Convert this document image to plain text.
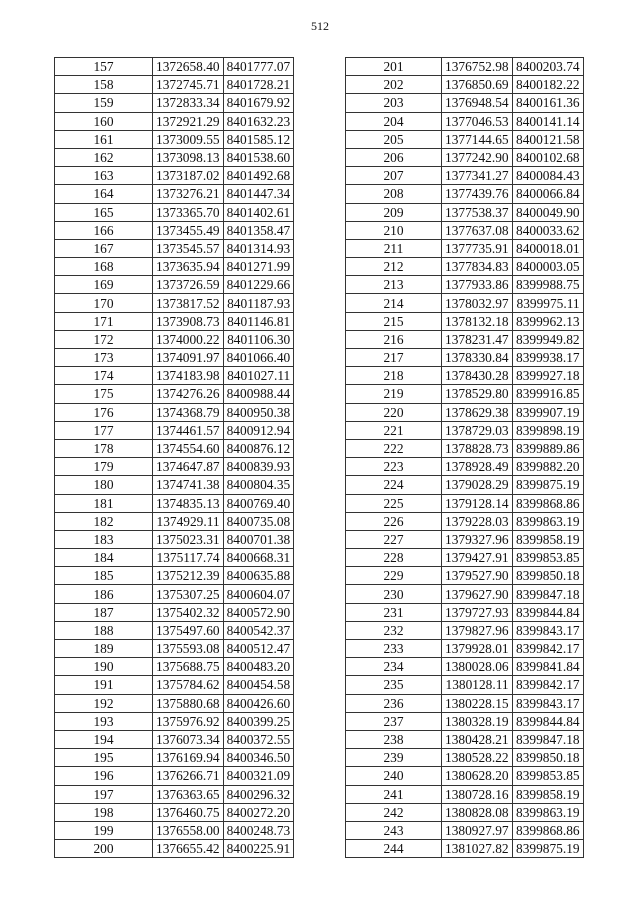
512
157	1372658.40	8401777.07
158	1372745.71	8401728.21
159	1372833.34	8401679.92
160	1372921.29	8401632.23
161	1373009.55	8401585.12
162	1373098.13	8401538.60
163	1373187.02	8401492.68
164	1373276.21	8401447.34
165	1373365.70	8401402.61
166	1373455.49	8401358.47
167	1373545.57	8401314.93
168	1373635.94	8401271.99
169	1373726.59	8401229.66
170	1373817.52	8401187.93
171	1373908.73	8401146.81
172	1374000.22	8401106.30
173	1374091.97	8401066.40
174	1374183.98	8401027.11
175	1374276.26	8400988.44
176	1374368.79	8400950.38
177	1374461.57	8400912.94
178	1374554.60	8400876.12
179	1374647.87	8400839.93
180	1374741.38	8400804.35
181	1374835.13	8400769.40
182	1374929.11	8400735.08
183	1375023.31	8400701.38
184	1375117.74	8400668.31
185	1375212.39	8400635.88
186	1375307.25	8400604.07
187	1375402.32	8400572.90
188	1375497.60	8400542.37
189	1375593.08	8400512.47
190	1375688.75	8400483.20
191	1375784.62	8400454.58
192	1375880.68	8400426.60
193	1375976.92	8400399.25
194	1376073.34	8400372.55
195	1376169.94	8400346.50
196	1376266.71	8400321.09
197	1376363.65	8400296.32
198	1376460.75	8400272.20
199	1376558.00	8400248.73
200	1376655.42	8400225.91
201	1376752.98	8400203.74
202	1376850.69	8400182.22
203	1376948.54	8400161.36
204	1377046.53	8400141.14
205	1377144.65	8400121.58
206	1377242.90	8400102.68
207	1377341.27	8400084.43
208	1377439.76	8400066.84
209	1377538.37	8400049.90
210	1377637.08	8400033.62
211	1377735.91	8400018.01
212	1377834.83	8400003.05
213	1377933.86	8399988.75
214	1378032.97	8399975.11
215	1378132.18	8399962.13
216	1378231.47	8399949.82
217	1378330.84	8399938.17
218	1378430.28	8399927.18
219	1378529.80	8399916.85
220	1378629.38	8399907.19
221	1378729.03	8399898.19
222	1378828.73	8399889.86
223	1378928.49	8399882.20
224	1379028.29	8399875.19
225	1379128.14	8399868.86
226	1379228.03	8399863.19
227	1379327.96	8399858.19
228	1379427.91	8399853.85
229	1379527.90	8399850.18
230	1379627.90	8399847.18
231	1379727.93	8399844.84
232	1379827.96	8399843.17
233	1379928.01	8399842.17
234	1380028.06	8399841.84
235	1380128.11	8399842.17
236	1380228.15	8399843.17
237	1380328.19	8399844.84
238	1380428.21	8399847.18
239	1380528.22	8399850.18
240	1380628.20	8399853.85
241	1380728.16	8399858.19
242	1380828.08	8399863.19
243	1380927.97	8399868.86
244	1381027.82	8399875.19
